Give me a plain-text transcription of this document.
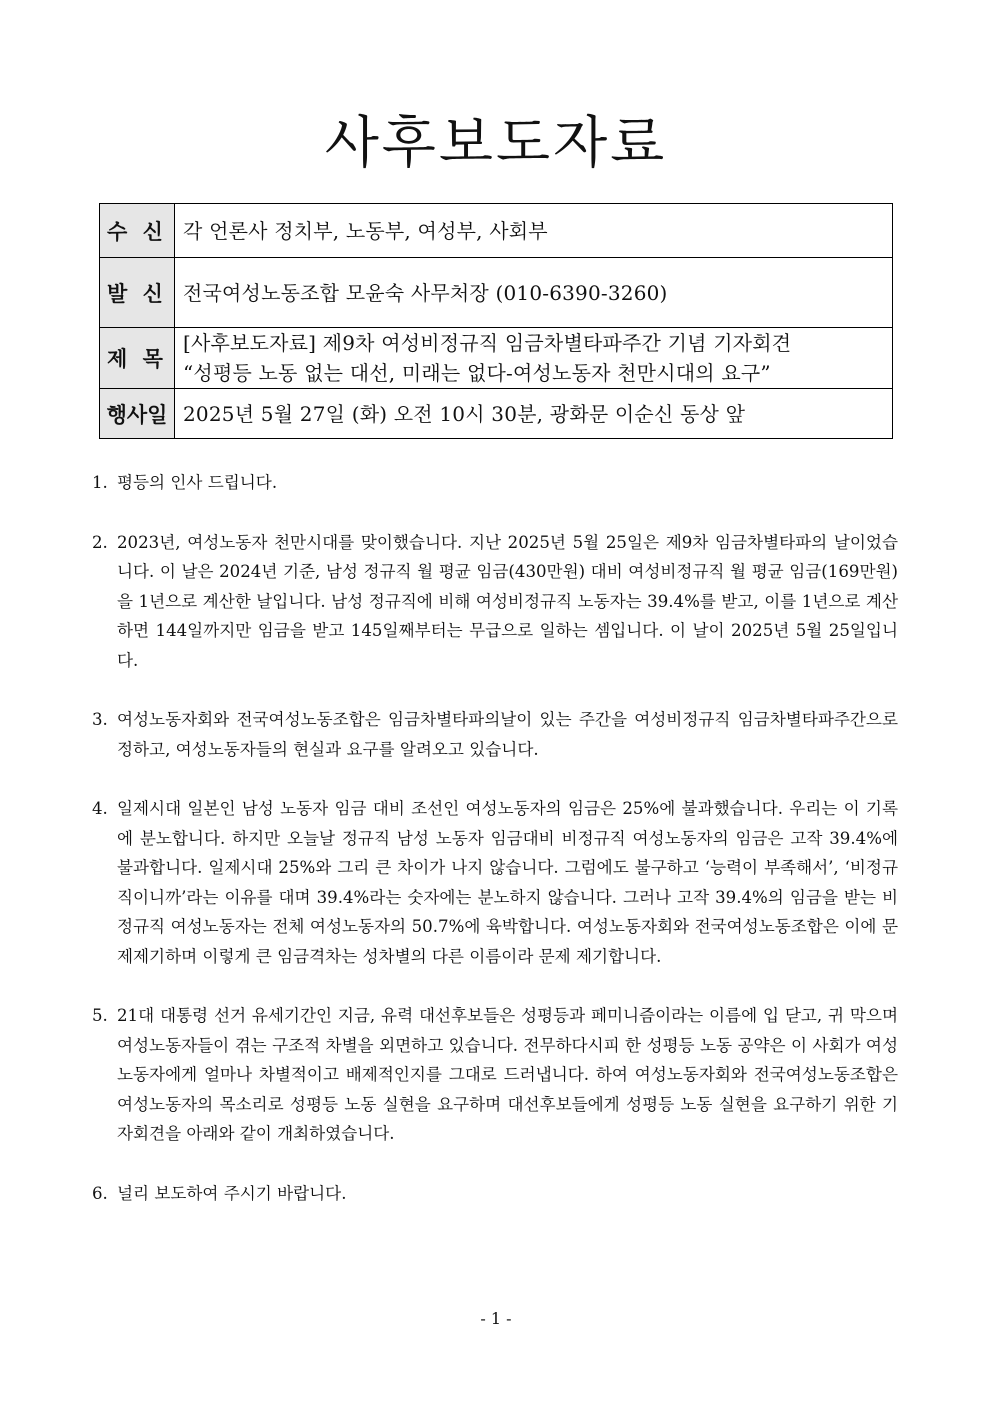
사후보도자료
수 신	각 언론사 정치부, 노동부, 여성부, 사회부

발 신	전국여성노동조합 모윤숙 사무처장 (010-6390-3260)

제 목	[사후보도자료] 제9차 여성비정규직 임금차별타파주간 기념 기자회견
“성평등 노동 없는 대선, 미래는 없다-여성노동자 천만시대의 요구”

행사일	2025년 5월 27일 (화) 오전 10시 30분, 광화문 이순신 동상 앞
1. 평등의 인사 드립니다.
2. 2023년, 여성노동자 천만시대를 맞이했습니다. 지난 2025년 5월 25일은 제9차 임금차별타파의 날이었습니다. 이 날은 2024년 기준, 남성 정규직 월 평균 임금(430만원) 대비 여성비정규직 월 평균 임금(169만원)을 1년으로 계산한 날입니다. 남성 정규직에 비해 여성비정규직 노동자는 39.4%를 받고, 이를 1년으로 계산하면 144일까지만 임금을 받고 145일째부터는 무급으로 일하는 셈입니다. 이 날이 2025년 5월 25일입니다.
3. 여성노동자회와 전국여성노동조합은 임금차별타파의날이 있는 주간을 여성비정규직 임금차별타파주간으로 정하고, 여성노동자들의 현실과 요구를 알려오고 있습니다.
4. 일제시대 일본인 남성 노동자 임금 대비 조선인 여성노동자의 임금은 25%에 불과했습니다. 우리는 이 기록에 분노합니다. 하지만 오늘날 정규직 남성 노동자 임금대비 비정규직 여성노동자의 임금은 고작 39.4%에 불과합니다. 일제시대 25%와 그리 큰 차이가 나지 않습니다. 그럼에도 불구하고 ‘능력이 부족해서’, ‘비정규직이니까’라는 이유를 대며 39.4%라는 숫자에는 분노하지 않습니다. 그러나 고작 39.4%의 임금을 받는 비정규직 여성노동자는 전체 여성노동자의 50.7%에 육박합니다. 여성노동자회와 전국여성노동조합은 이에 문제제기하며 이렇게 큰 임금격차는 성차별의 다른 이름이라 문제 제기합니다.
5. 21대 대통령 선거 유세기간인 지금, 유력 대선후보들은 성평등과 페미니즘이라는 이름에 입 닫고, 귀 막으며 여성노동자들이 겪는 구조적 차별을 외면하고 있습니다. 전무하다시피 한 성평등 노동 공약은 이 사회가 여성노동자에게 얼마나 차별적이고 배제적인지를 그대로 드러냅니다. 하여 여성노동자회와 전국여성노동조합은 여성노동자의 목소리로 성평등 노동 실현을 요구하며 대선후보들에게 성평등 노동 실현을 요구하기 위한 기자회견을 아래와 같이 개최하였습니다.
6. 널리 보도하여 주시기 바랍니다.
- 1 -
